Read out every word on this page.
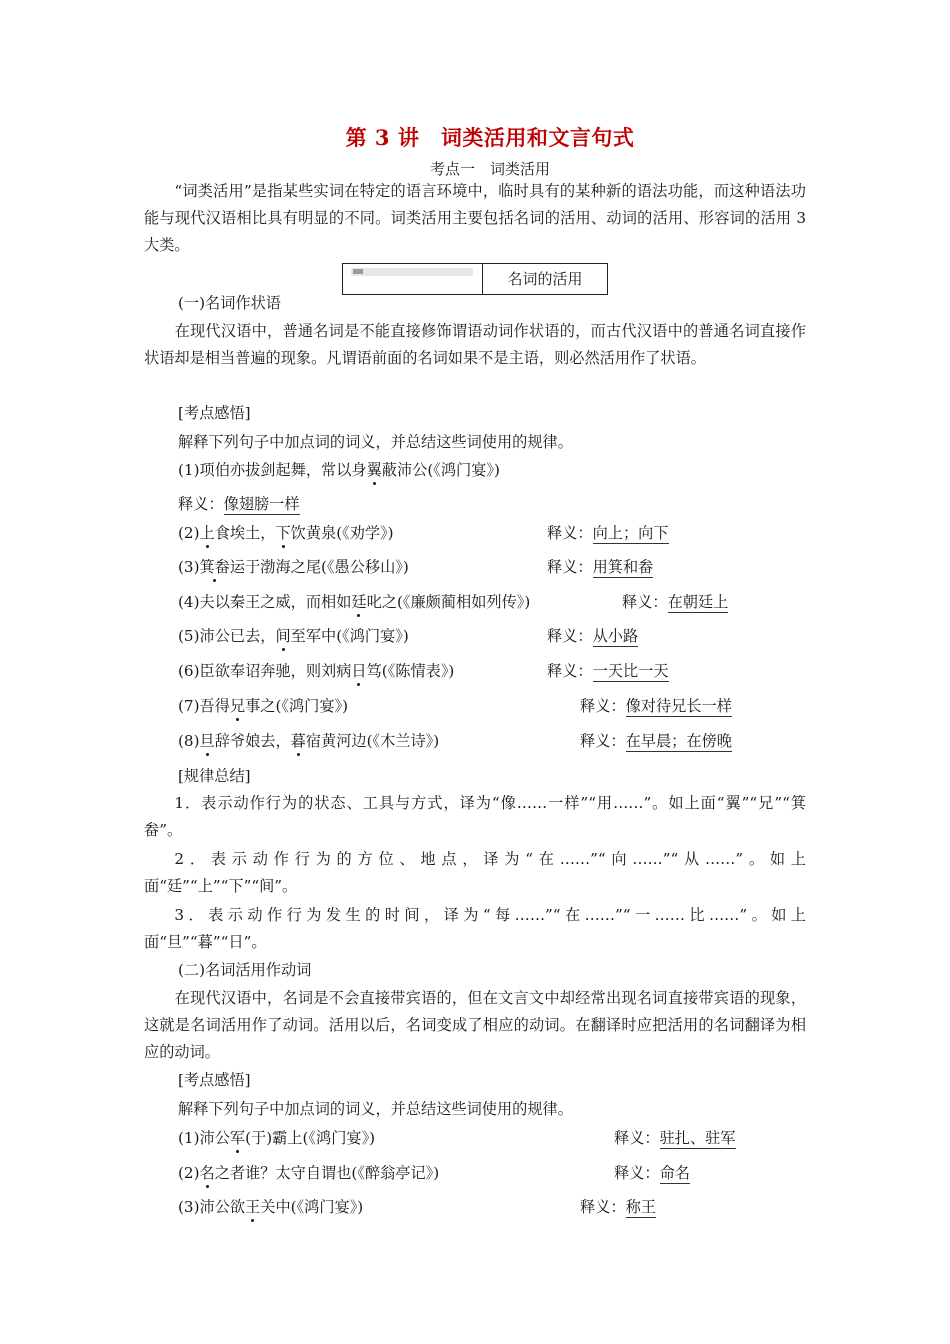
第 3 讲　词类活用和文言句式
考点一　词类活用
“词类活用”是指某些实词在特定的语言环境中，临时具有的某种新的语法功能，而这种语法功能与现代汉语相比具有明显的不同。词类活用主要包括名词的活用、动词的活用、形容词的活用 3 大类。
名词的活用
(一)名词作状语
在现代汉语中，普通名词是不能直接修饰谓语动词作状语的，而古代汉语中的普通名词直接作状语却是相当普遍的现象。凡谓语前面的名词如果不是主语，则必然活用作了状语。
[考点感悟]
解释下列句子中加点词的词义，并总结这些词使用的规律。
(1)项伯亦拔剑起舞，常以身翼蔽沛公(《鸿门宴》)
释义：像翅膀一样
(2)上食埃土，下饮黄泉(《劝学》)	释义：向上；向下
(3)箕畚运于渤海之尾(《愚公移山》)	释义：用箕和畚
(4)夫以秦王之威，而相如廷叱之(《廉颇蔺相如列传》)	释义：在朝廷上
(5)沛公已去，间至军中(《鸿门宴》)	释义：从小路
(6)臣欲奉诏奔驰，则刘病日笃(《陈情表》)	释义：一天比一天
(7)吾得兄事之(《鸿门宴》)	释义：像对待兄长一样
(8)旦辞爷娘去，暮宿黄河边(《木兰诗》)	释义：在早晨；在傍晚
[规律总结]
1．表示动作行为的状态、工具与方式，译为“像……一样”“用……”。如上面“翼”“兄”“箕畚”。
2．表示动作行为的方位、地点，译为“在……”“向……”“从……”。如上面“廷”“上”“下”“间”。
3．表示动作行为发生的时间，译为“每……”“在……”“一……比……”。如上面“旦”“暮”“日”。
(二)名词活用作动词
在现代汉语中，名词是不会直接带宾语的，但在文言文中却经常出现名词直接带宾语的现象，这就是名词活用作了动词。活用以后，名词变成了相应的动词。在翻译时应把活用的名词翻译为相应的动词。
[考点感悟]
解释下列句子中加点词的词义，并总结这些词使用的规律。
(1)沛公军(于)霸上(《鸿门宴》)	释义：驻扎、驻军
(2)名之者谁？太守自谓也(《醉翁亭记》)	释义：命名
(3)沛公欲王关中(《鸿门宴》)	释义：称王
